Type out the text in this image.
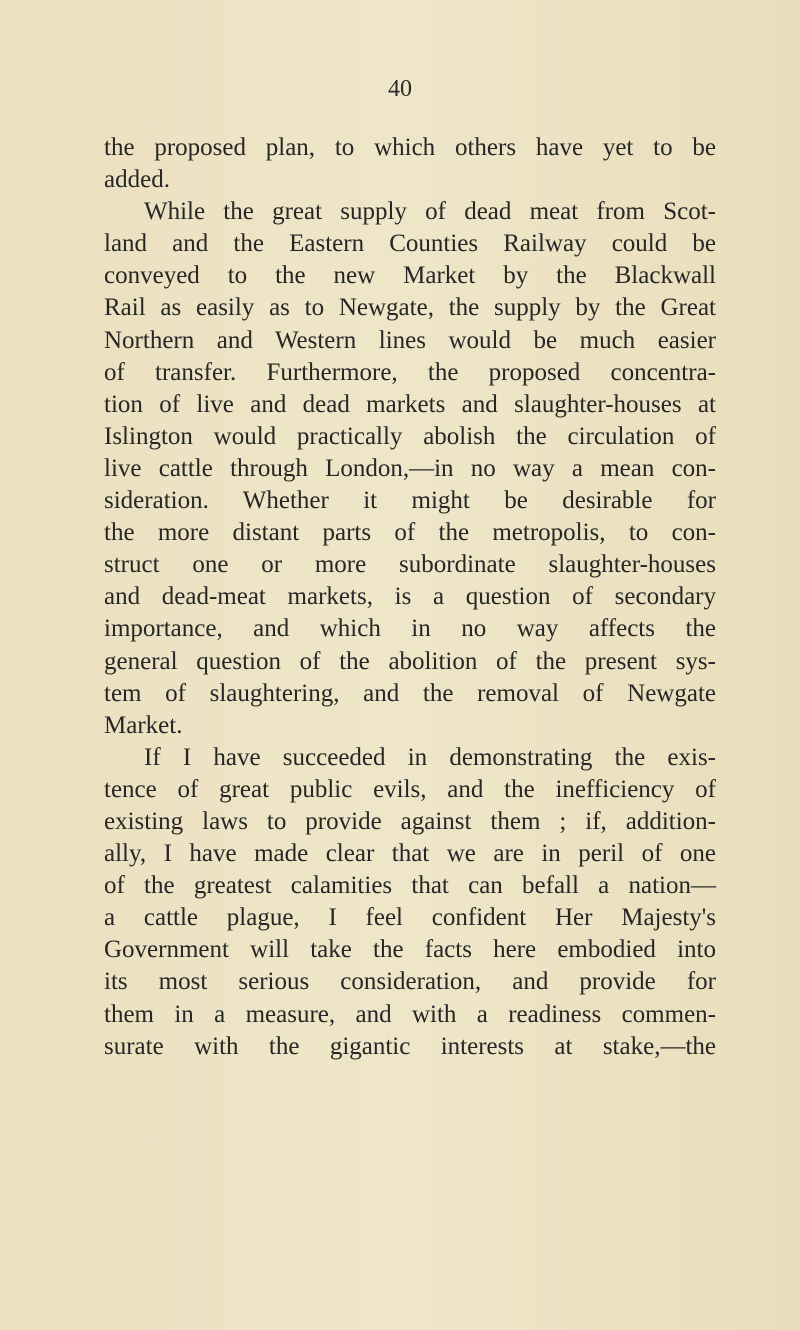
40
the proposed plan, to which others have yet to be
added.
While the great supply of dead meat from Scot-
land and the Eastern Counties Railway could be
conveyed to the new Market by the Blackwall
Rail as easily as to Newgate, the supply by the Great
Northern and Western lines would be much easier
of transfer. Furthermore, the proposed concentra-
tion of live and dead markets and slaughter-houses at
Islington would practically abolish the circulation of
live cattle through London,—in no way a mean con-
sideration. Whether it might be desirable for
the more distant parts of the metropolis, to con-
struct one or more subordinate slaughter-houses
and dead-meat markets, is a question of secondary
importance, and which in no way affects the
general question of the abolition of the present sys-
tem of slaughtering, and the removal of Newgate
Market.
If I have succeeded in demonstrating the exis-
tence of great public evils, and the inefficiency of
existing laws to provide against them ; if, addition-
ally, I have made clear that we are in peril of one
of the greatest calamities that can befall a nation—
a cattle plague, I feel confident Her Majesty's
Government will take the facts here embodied into
its most serious consideration, and provide for
them in a measure, and with a readiness commen-
surate with the gigantic interests at stake,—the
